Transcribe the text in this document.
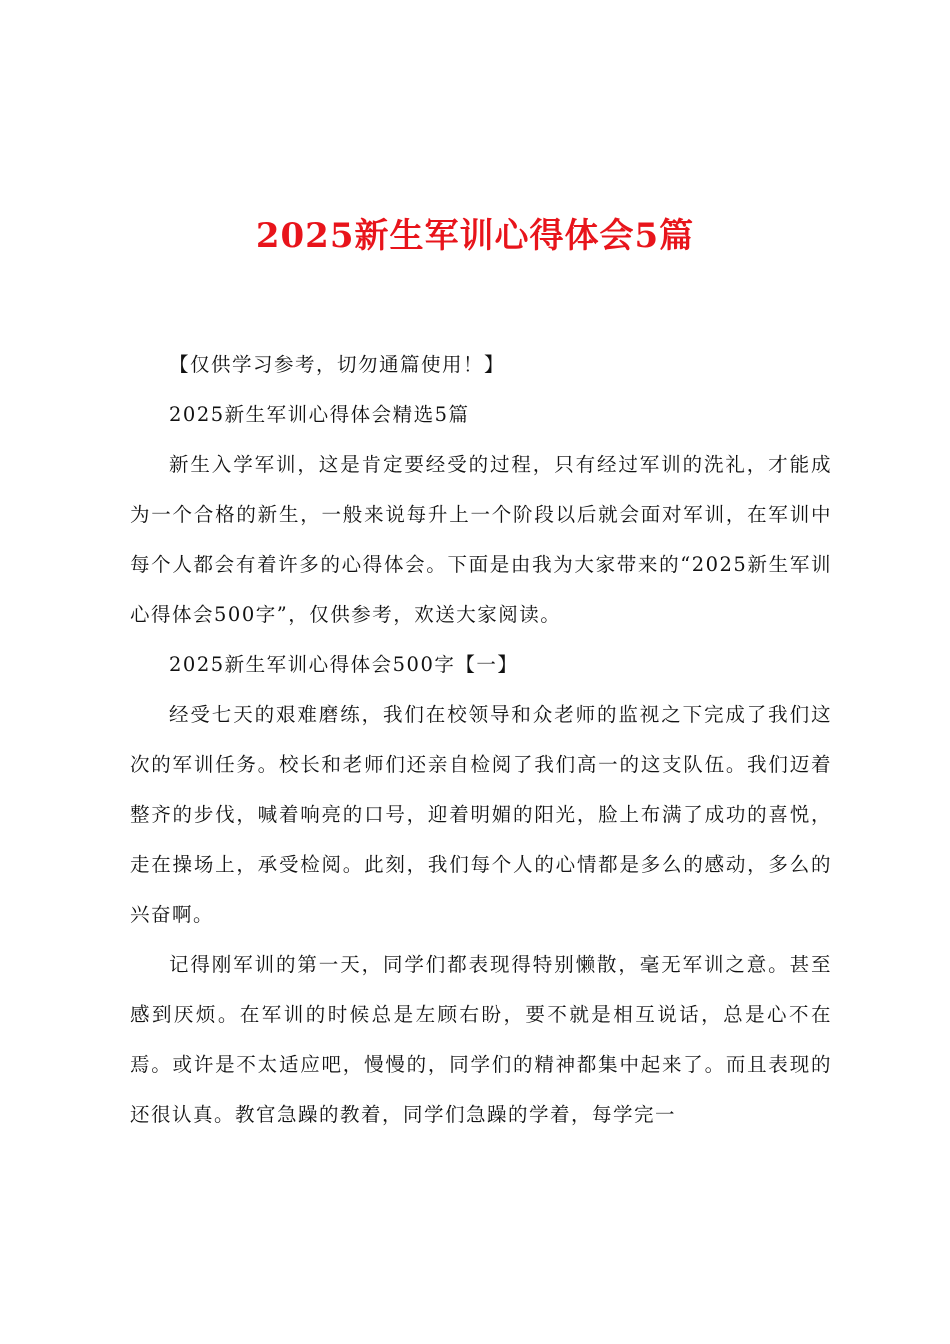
2025新生军训心得体会5篇

【仅供学习参考，切勿通篇使用！】

2025新生军训心得体会精选5篇

新生入学军训，这是肯定要经受的过程，只有经过军训的洗礼，才能成为一个合格的新生，一般来说每升上一个阶段以后就会面对军训，在军训中每个人都会有着许多的心得体会。下面是由我为大家带来的“2025新生军训心得体会500字”，仅供参考，欢送大家阅读。

2025新生军训心得体会500字【一】

经受七天的艰难磨练，我们在校领导和众老师的监视之下完成了我们这次的军训任务。校长和老师们还亲自检阅了我们高一的这支队伍。我们迈着整齐的步伐，喊着响亮的口号，迎着明媚的阳光，脸上布满了成功的喜悦，走在操场上，承受检阅。此刻，我们每个人的心情都是多么的感动，多么的兴奋啊。

记得刚军训的第一天，同学们都表现得特别懒散，毫无军训之意。甚至感到厌烦。在军训的时候总是左顾右盼，要不就是相互说话，总是心不在焉。或许是不太适应吧，慢慢的，同学们的精神都集中起来了。而且表现的还很认真。教官急躁的教着，同学们急躁的学着，每学完一
